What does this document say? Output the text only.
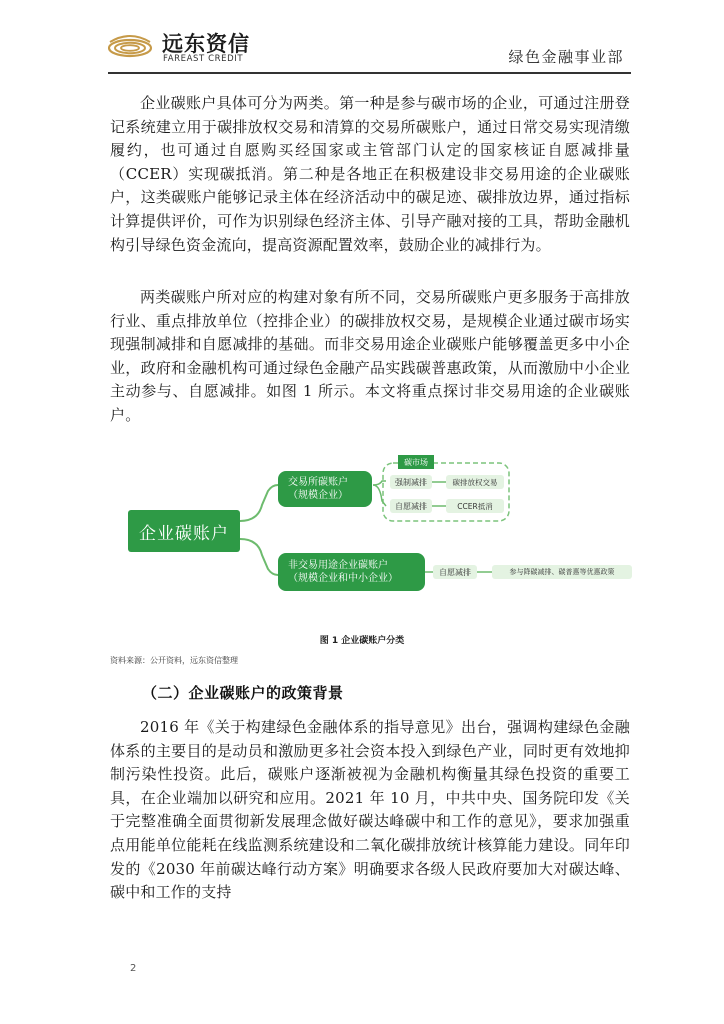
远东资信
FAREAST CREDIT	绿色金融事业部

企业碳账户具体可分为两类。第一种是参与碳市场的企业，可通过注册登记系统建立用于碳排放权交易和清算的交易所碳账户，通过日常交易实现清缴履约，也可通过自愿购买经国家或主管部门认定的国家核证自愿减排量（CCER）实现碳抵消。第二种是各地正在积极建设非交易用途的企业碳账户，这类碳账户能够记录主体在经济活动中的碳足迹、碳排放边界，通过指标计算提供评价，可作为识别绿色经济主体、引导产融对接的工具，帮助金融机构引导绿色资金流向，提高资源配置效率，鼓励企业的减排行为。

两类碳账户所对应的构建对象有所不同，交易所碳账户更多服务于高排放行业、重点排放单位（控排企业）的碳排放权交易，是规模企业通过碳市场实现强制减排和自愿减排的基础。而非交易用途企业碳账户能够覆盖更多中小企业，政府和金融机构可通过绿色金融产品实践碳普惠政策，从而激励中小企业主动参与、自愿减排。如图 1 所示。本文将重点探讨非交易用途的企业碳账户。

企业碳账户
交易所碳账户
（规模企业）
碳市场
强制减排	碳排放权交易
自愿减排	CCER抵消
非交易用途企业碳账户
（规模企业和中小企业）
自愿减排	参与降碳减排、碳普惠等优惠政策
图 1 企业碳账户分类
资料来源：公开资料，远东资信整理
（二）企业碳账户的政策背景

2016 年《关于构建绿色金融体系的指导意见》出台，强调构建绿色金融体系的主要目的是动员和激励更多社会资本投入到绿色产业，同时更有效地抑制污染性投资。此后，碳账户逐渐被视为金融机构衡量其绿色投资的重要工具，在企业端加以研究和应用。2021 年 10 月，中共中央、国务院印发《关于完整准确全面贯彻新发展理念做好碳达峰碳中和工作的意见》，要求加强重点用能单位能耗在线监测系统建设和二氧化碳排放统计核算能力建设。同年印发的《2030 年前碳达峰行动方案》明确要求各级人民政府要加大对碳达峰、碳中和工作的支持

2
